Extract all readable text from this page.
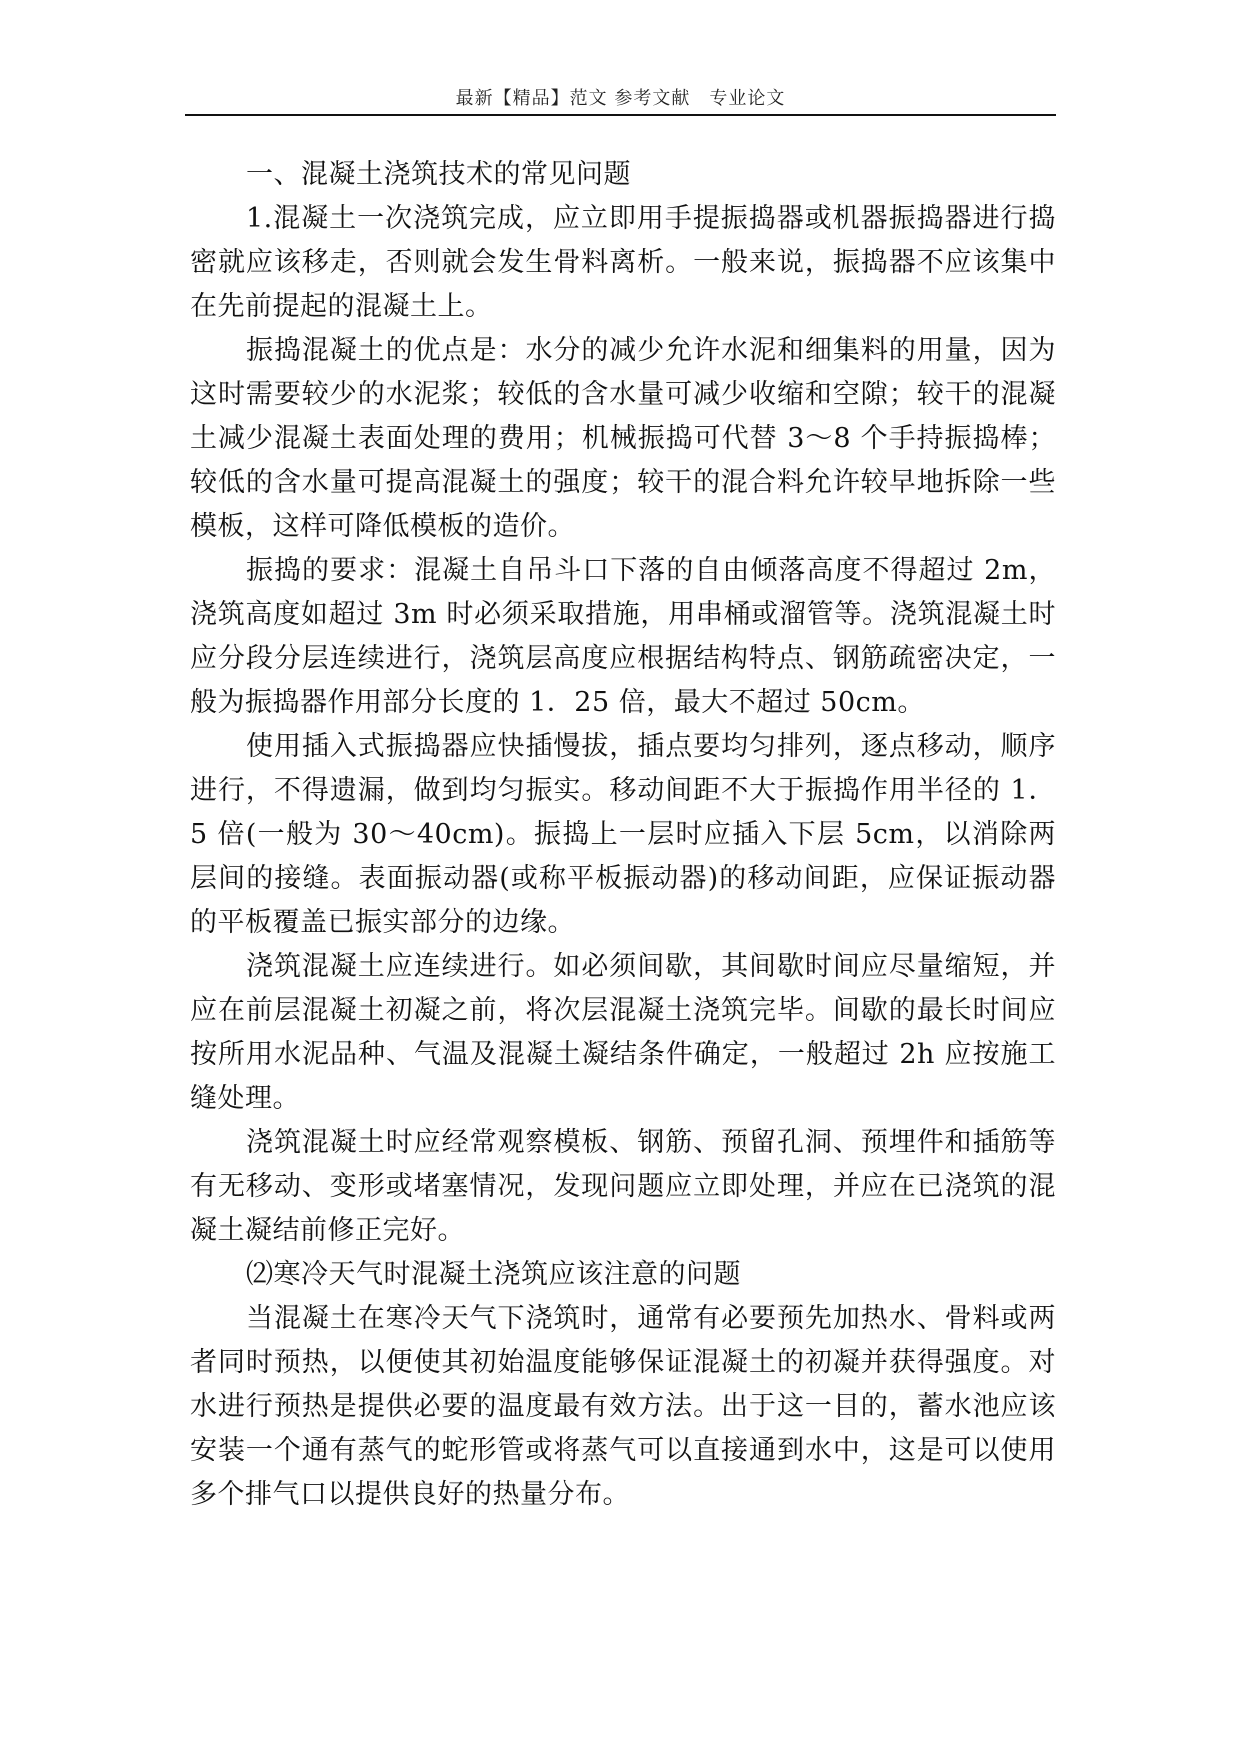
最新【精品】范文 参考文献　专业论文

一、混凝土浇筑技术的常见问题

1.混凝土一次浇筑完成，应立即用手提振捣器或机器振捣器进行捣密就应该移走，否则就会发生骨料离析。一般来说，振捣器不应该集中在先前提起的混凝土上。

振捣混凝土的优点是：水分的减少允许水泥和细集料的用量，因为这时需要较少的水泥浆；较低的含水量可减少收缩和空隙；较干的混凝土减少混凝土表面处理的费用；机械振捣可代替 3～8 个手持振捣棒；较低的含水量可提高混凝土的强度；较干的混合料允许较早地拆除一些模板，这样可降低模板的造价。

振捣的要求：混凝土自吊斗口下落的自由倾落高度不得超过 2m，浇筑高度如超过 3m 时必须采取措施，用串桶或溜管等。浇筑混凝土时应分段分层连续进行，浇筑层高度应根据结构特点、钢筋疏密决定，一般为振捣器作用部分长度的 1．25 倍，最大不超过 50cm。

使用插入式振捣器应快插慢拔，插点要均匀排列，逐点移动，顺序进行，不得遗漏，做到均匀振实。移动间距不大于振捣作用半径的 1．5 倍(一般为 30～40cm)。振捣上一层时应插入下层 5cm，以消除两层间的接缝。表面振动器(或称平板振动器)的移动间距，应保证振动器的平板覆盖已振实部分的边缘。

浇筑混凝土应连续进行。如必须间歇，其间歇时间应尽量缩短，并应在前层混凝土初凝之前，将次层混凝土浇筑完毕。间歇的最长时间应按所用水泥品种、气温及混凝土凝结条件确定，一般超过 2h 应按施工缝处理。

浇筑混凝土时应经常观察模板、钢筋、预留孔洞、预埋件和插筋等有无移动、变形或堵塞情况，发现问题应立即处理，并应在已浇筑的混凝土凝结前修正完好。

⑵寒冷天气时混凝土浇筑应该注意的问题

当混凝土在寒冷天气下浇筑时，通常有必要预先加热水、骨料或两者同时预热，以便使其初始温度能够保证混凝土的初凝并获得强度。对水进行预热是提供必要的温度最有效方法。出于这一目的，蓄水池应该安装一个通有蒸气的蛇形管或将蒸气可以直接通到水中，这是可以使用多个排气口以提供良好的热量分布。
